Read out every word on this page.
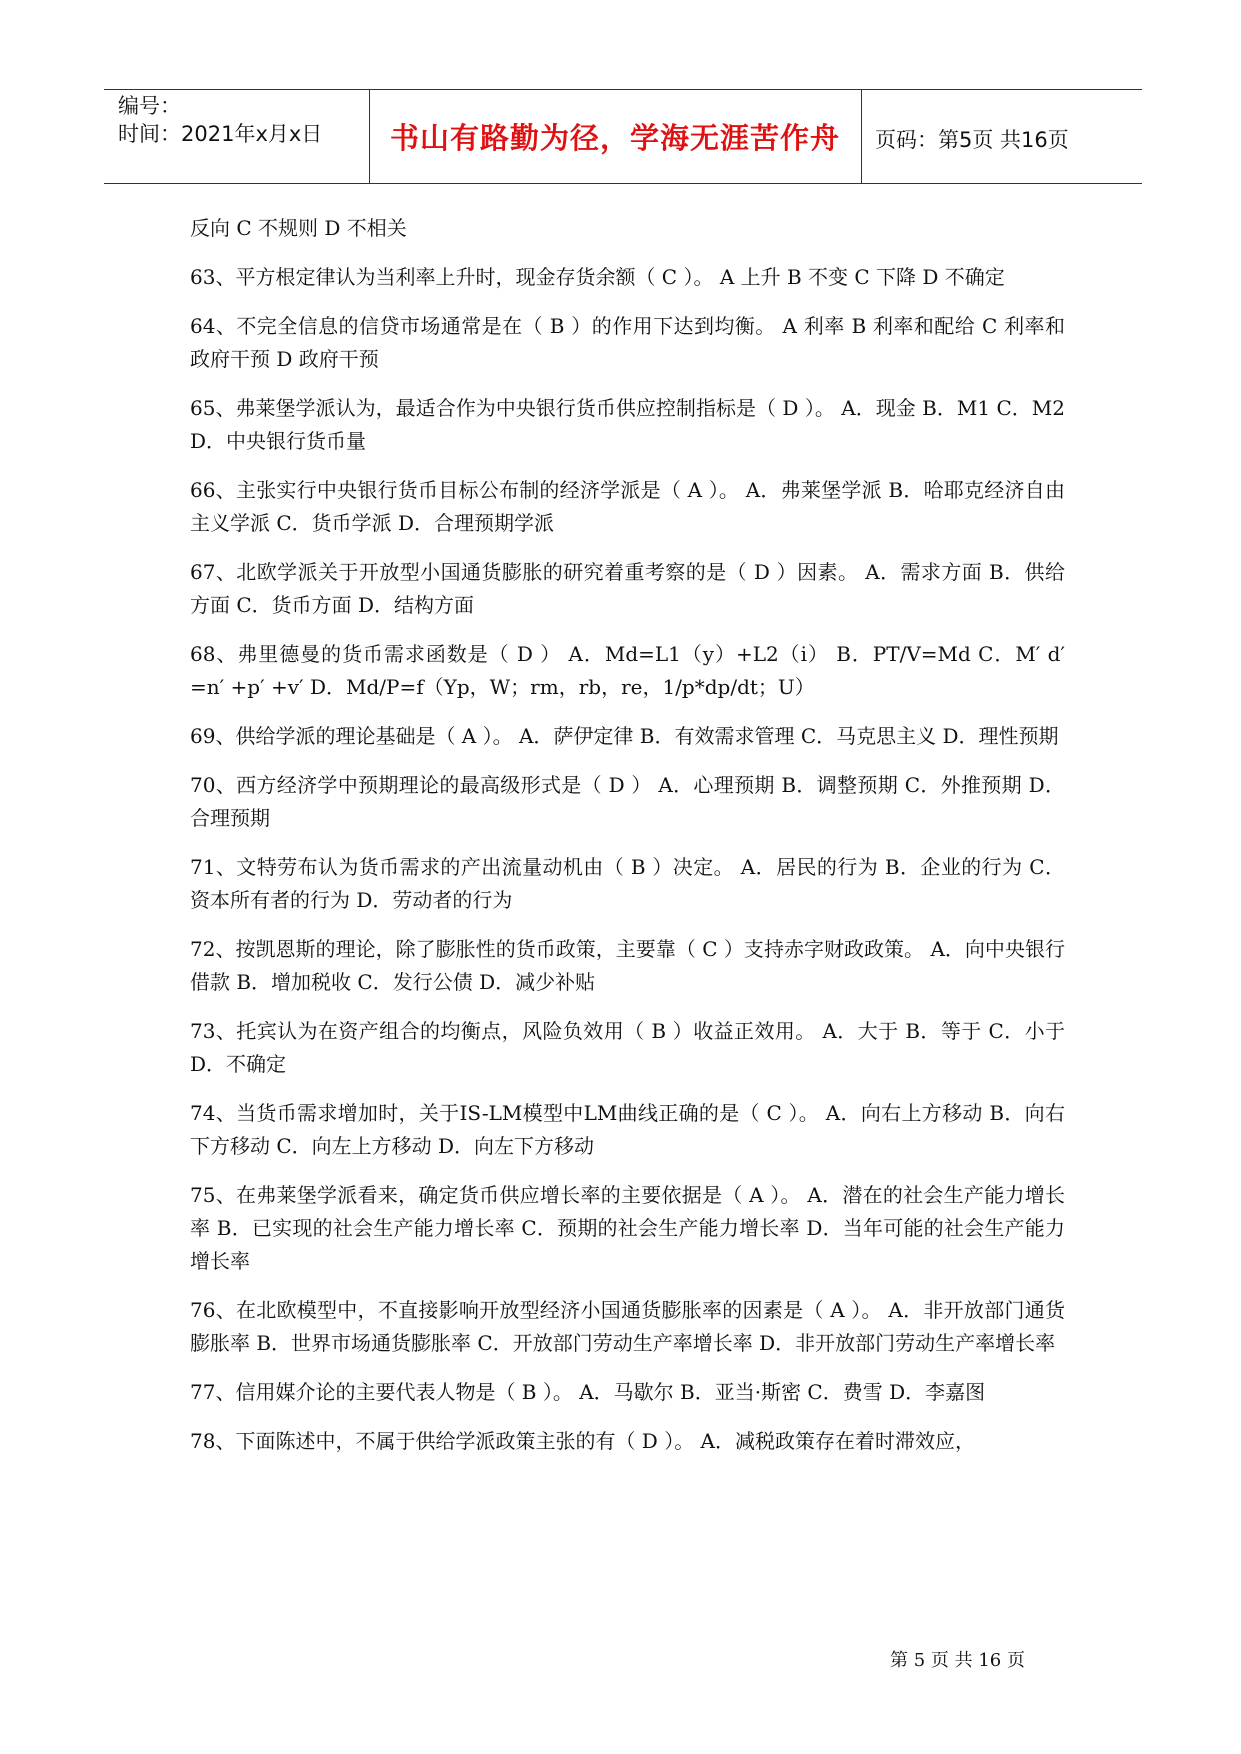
编号：
时间：2021年x月x日	书山有路勤为径，学海无涯苦作舟	页码：第5页 共16页

反向 C 不规则 D 不相关

63、平方根定律认为当利率上升时，现金存货余额（ C ）。 A 上升 B 不变 C 下降 D 不确定

64、不完全信息的信贷市场通常是在（ B ）的作用下达到均衡。 A 利率 B 利率和配给 C 利率和政府干预 D 政府干预

65、弗莱堡学派认为，最适合作为中央银行货币供应控制指标是（ D ）。 A．现金 B．M1 C．M2 D．中央银行货币量

66、主张实行中央银行货币目标公布制的经济学派是（ A ）。 A．弗莱堡学派 B．哈耶克经济自由主义学派 C．货币学派 D．合理预期学派

67、北欧学派关于开放型小国通货膨胀的研究着重考察的是（ D ）因素。 A．需求方面 B．供给方面 C．货币方面 D．结构方面

68、弗里德曼的货币需求函数是（ D ） A．Md=L1（y）+L2（i） B．PT/V=Md C．M′ d′ =n′ +p′ +v′ D．Md/P=f（Yp，W；rm，rb，re，1/p*dp/dt；U）

69、供给学派的理论基础是（ A ）。 A．萨伊定律 B．有效需求管理 C．马克思主义 D．理性预期

70、西方经济学中预期理论的最高级形式是（ D ） A．心理预期 B．调整预期 C．外推预期 D．合理预期

71、文特劳布认为货币需求的产出流量动机由（ B ）决定。 A．居民的行为 B．企业的行为 C．资本所有者的行为 D．劳动者的行为

72、按凯恩斯的理论，除了膨胀性的货币政策，主要靠（ C ）支持赤字财政政策。 A．向中央银行借款 B．增加税收 C．发行公债 D．减少补贴

73、托宾认为在资产组合的均衡点，风险负效用（ B ）收益正效用。 A．大于 B．等于 C．小于 D．不确定

74、当货币需求增加时，关于IS-LM模型中LM曲线正确的是（ C ）。 A．向右上方移动 B．向右下方移动 C．向左上方移动 D．向左下方移动

75、在弗莱堡学派看来，确定货币供应增长率的主要依据是（ A ）。 A．潜在的社会生产能力增长率 B．已实现的社会生产能力增长率 C．预期的社会生产能力增长率 D．当年可能的社会生产能力增长率

76、在北欧模型中，不直接影响开放型经济小国通货膨胀率的因素是（ A ）。 A．非开放部门通货膨胀率 B．世界市场通货膨胀率 C．开放部门劳动生产率增长率 D．非开放部门劳动生产率增长率

77、信用媒介论的主要代表人物是（ B ）。 A．马歇尔 B．亚当·斯密 C．费雪 D．李嘉图

78、下面陈述中，不属于供给学派政策主张的有（ D ）。 A．减税政策存在着时滞效应，

第 5 页 共 16 页
